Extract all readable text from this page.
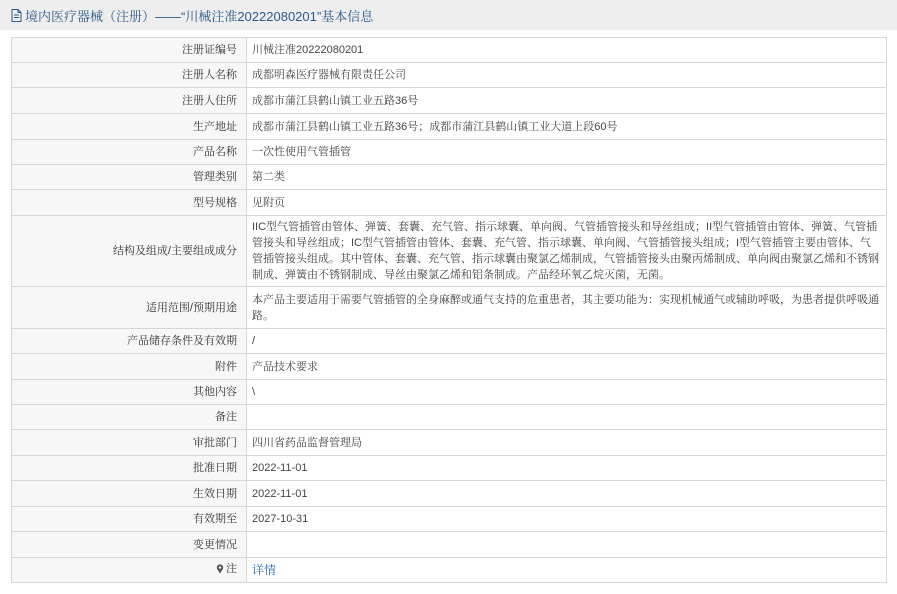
境内医疗器械（注册）——“川械注准20222080201”基本信息
注册证编号	川械注准20222080201
注册人名称	成都明森医疗器械有限责任公司
注册人住所	成都市蒲江县鹤山镇工业五路36号
生产地址	成都市蒲江县鹤山镇工业五路36号；成都市蒲江县鹤山镇工业大道上段60号
产品名称	一次性使用气管插管
管理类别	第二类
型号规格	见附页
结构及组成/主要组成成分	IIC型气管插管由管体、弹簧、套囊、充气管、指示球囊、单向阀、气管插管接头和导丝组成；II型气管插管由管体、弹簧、气管插管接头和导丝组成；IC型气管插管由管体、套囊、充气管、指示球囊、单向阀、气管插管接头组成；I型气管插管主要由管体、气管插管接头组成。其中管体、套囊、充气管、指示球囊由聚氯乙烯制成，气管插管接头由聚丙烯制成、单向阀由聚氯乙烯和不锈钢制成、弹簧由不锈钢制成、导丝由聚氯乙烯和铝条制成。产品经环氧乙烷灭菌，无菌。
适用范围/预期用途	本产品主要适用于需要气管插管的全身麻醉或通气支持的危重患者，其主要功能为：实现机械通气或辅助呼吸，为患者提供呼吸通路。
产品储存条件及有效期	/
附件	产品技术要求
其他内容	\
备注	
审批部门	四川省药品监督管理局
批准日期	2022-11-01
生效日期	2022-11-01
有效期至	2027-10-31
变更情况	

注	详情
